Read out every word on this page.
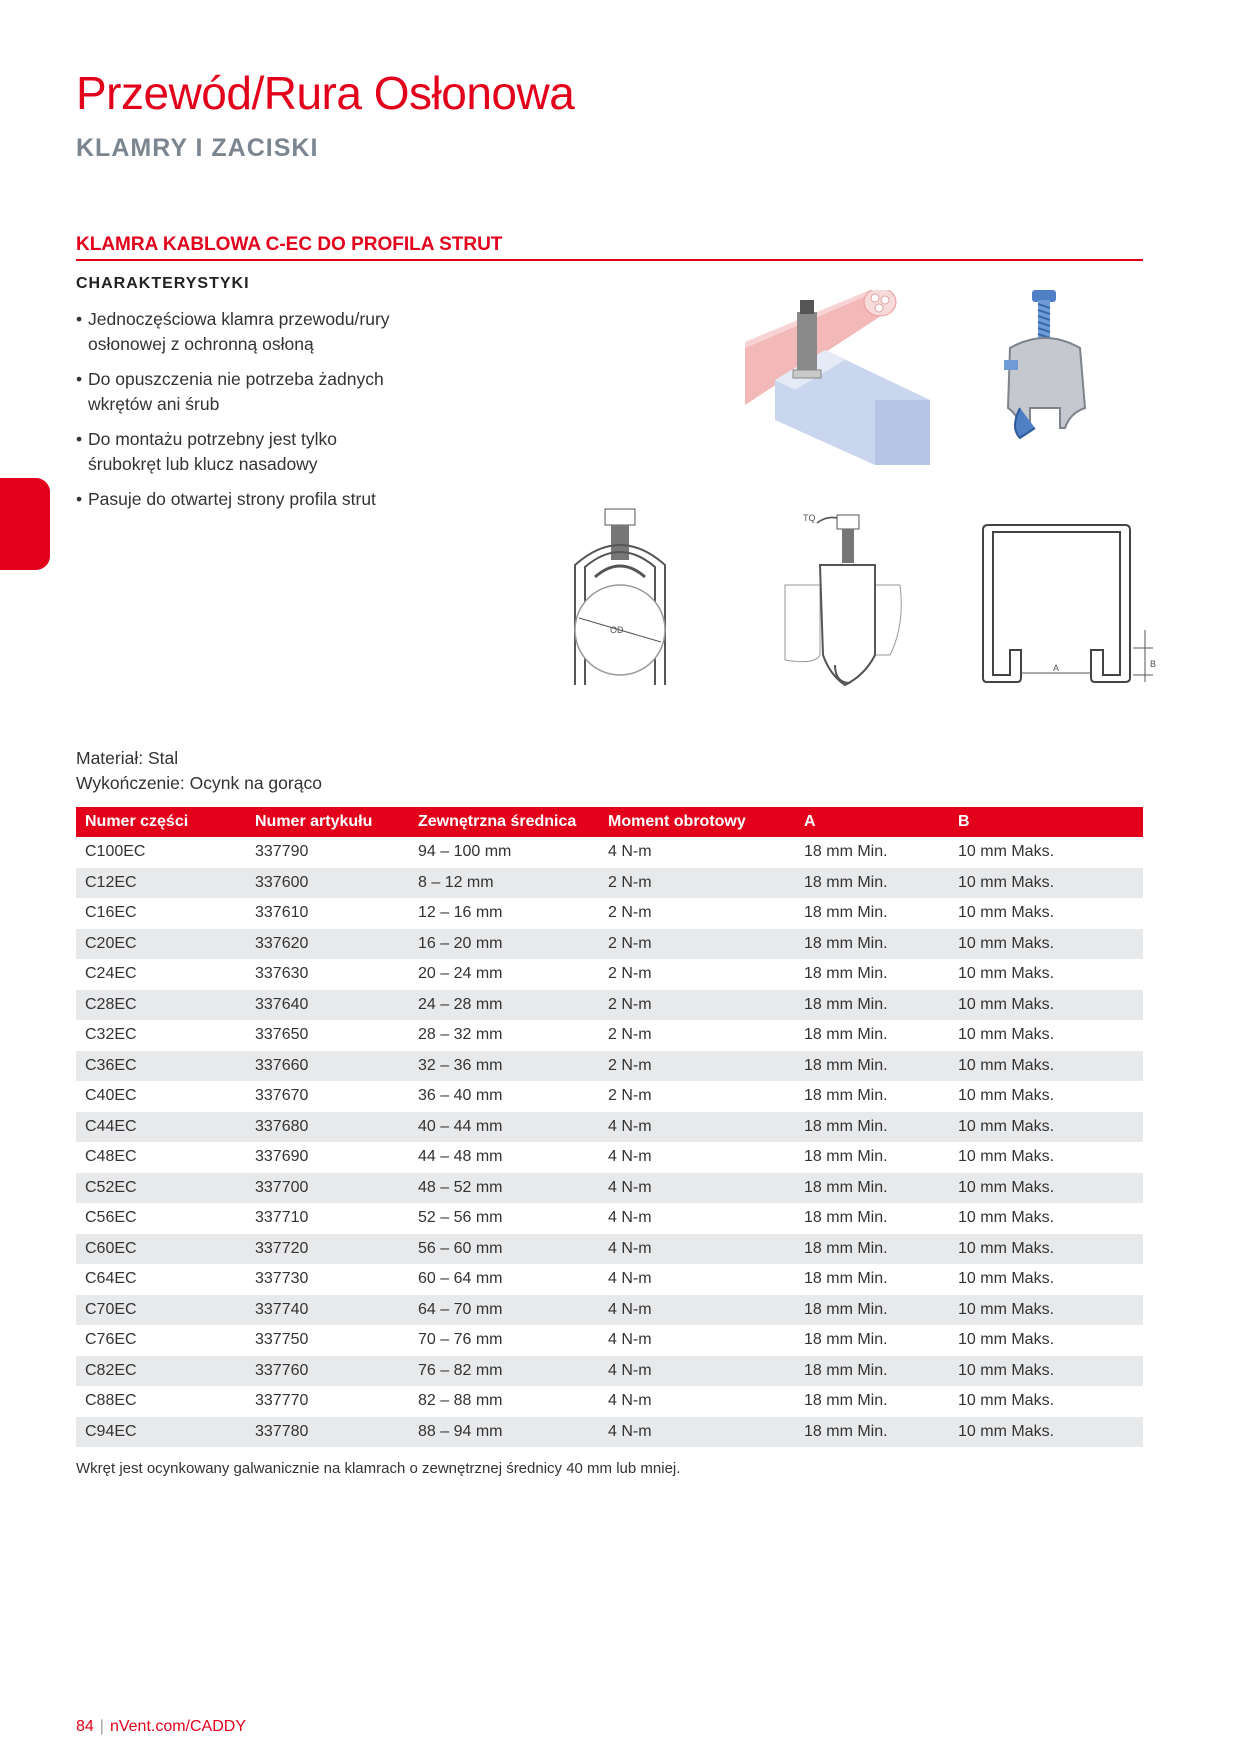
Przewód/Rura Osłonowa
KLAMRY I ZACISKI
KLAMRA KABLOWA C-EC DO PROFILA STRUT
CHARAKTERYSTYKI
• Jednoczęściowa klamra przewodu/rury osłonowej z ochronną osłoną
• Do opuszczenia nie potrzeba żadnych wkrętów ani śrub
• Do montażu potrzebny jest tylko śrubokręt lub klucz nasadowy
• Pasuje do otwartej strony profila strut
OD
TQ
A	B
Materiał: Stal
Wykończenie: Ocynk na gorąco
Numer części	Numer artykułu	Zewnętrzna średnica	Moment obrotowy	A	B
C100EC	337790	94 – 100 mm	4 N-m	18 mm Min.	10 mm Maks.
C12EC	337600	8 – 12 mm	2 N-m	18 mm Min.	10 mm Maks.
C16EC	337610	12 – 16 mm	2 N-m	18 mm Min.	10 mm Maks.
C20EC	337620	16 – 20 mm	2 N-m	18 mm Min.	10 mm Maks.
C24EC	337630	20 – 24 mm	2 N-m	18 mm Min.	10 mm Maks.
C28EC	337640	24 – 28 mm	2 N-m	18 mm Min.	10 mm Maks.
C32EC	337650	28 – 32 mm	2 N-m	18 mm Min.	10 mm Maks.
C36EC	337660	32 – 36 mm	2 N-m	18 mm Min.	10 mm Maks.
C40EC	337670	36 – 40 mm	2 N-m	18 mm Min.	10 mm Maks.
C44EC	337680	40 – 44 mm	4 N-m	18 mm Min.	10 mm Maks.
C48EC	337690	44 – 48 mm	4 N-m	18 mm Min.	10 mm Maks.
C52EC	337700	48 – 52 mm	4 N-m	18 mm Min.	10 mm Maks.
C56EC	337710	52 – 56 mm	4 N-m	18 mm Min.	10 mm Maks.
C60EC	337720	56 – 60 mm	4 N-m	18 mm Min.	10 mm Maks.
C64EC	337730	60 – 64 mm	4 N-m	18 mm Min.	10 mm Maks.
C70EC	337740	64 – 70 mm	4 N-m	18 mm Min.	10 mm Maks.
C76EC	337750	70 – 76 mm	4 N-m	18 mm Min.	10 mm Maks.
C82EC	337760	76 – 82 mm	4 N-m	18 mm Min.	10 mm Maks.
C88EC	337770	82 – 88 mm	4 N-m	18 mm Min.	10 mm Maks.
C94EC	337780	88 – 94 mm	4 N-m	18 mm Min.	10 mm Maks.
Wkręt jest ocynkowany galwanicznie na klamrach o zewnętrznej średnicy 40 mm lub mniej.
84 | nVent.com/CADDY
